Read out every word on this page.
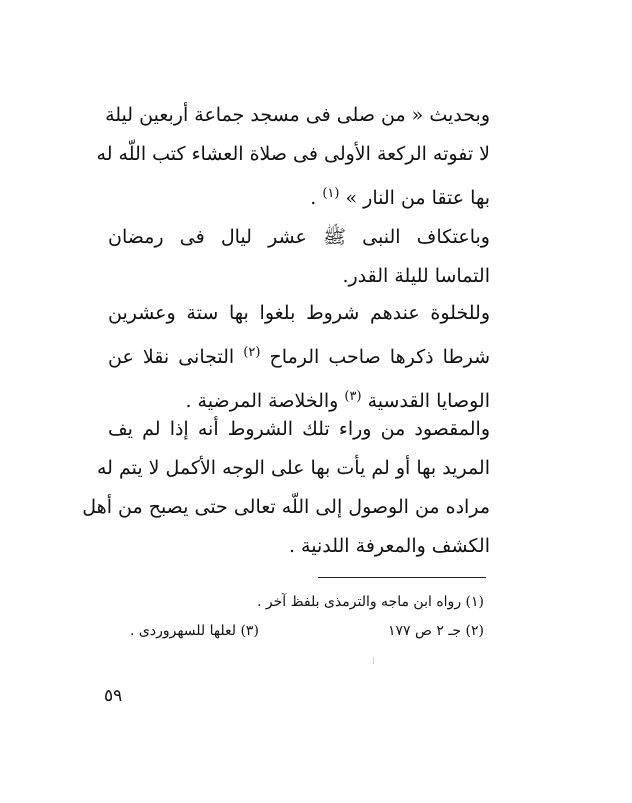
وبحديث « من صلى فى مسجد جماعة أربعين ليلة
لا تفوته الركعة الأولى فى صلاة العشاء كتب اللّه له
بها عتقا من النار » $^{(١)}$ .

وباعتكاف النبى ﷺ عشر ليال فى رمضان
التماسا لليلة القدر.

وللخلوة عندهم شروط بلغوا بها ستة وعشرين
شرطا ذكرها صاحب الرماح $^{(٢)}$ التجانى نقلا عن
الوصايا القدسية $^{(٣)}$ والخلاصة المرضية .

والمقصود من وراء تلك الشروط أنه إذا لم يف
المريد بها أو لم يأت بها على الوجه الأكمل لا يتم له
مراده من الوصول إلى اللّه تعالى حتى يصبح من أهل
الكشف والمعرفة اللدنية .

(١) رواه ابن ماجه والترمذى بلفظ آخر .
(٢) جـ ٢ ص ١٧٧
(٣) لعلها للسهروردى .
٥٩
